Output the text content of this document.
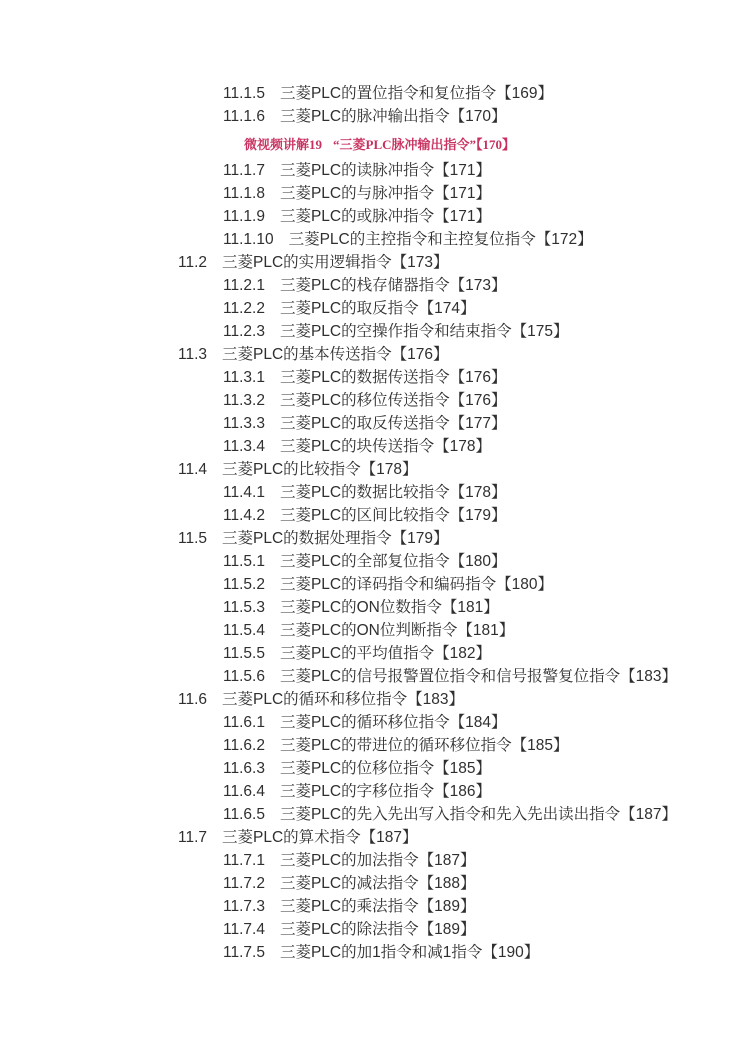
11.1.5 三菱PLC的置位指令和复位指令【169】
11.1.6 三菱PLC的脉冲输出指令【170】
微视频讲解19 “三菱PLC脉冲输出指令”【170】
11.1.7 三菱PLC的读脉冲指令【171】
11.1.8 三菱PLC的与脉冲指令【171】
11.1.9 三菱PLC的或脉冲指令【171】
11.1.10 三菱PLC的主控指令和主控复位指令【172】
11.2 三菱PLC的实用逻辑指令【173】
11.2.1 三菱PLC的栈存储器指令【173】
11.2.2 三菱PLC的取反指令【174】
11.2.3 三菱PLC的空操作指令和结束指令【175】
11.3 三菱PLC的基本传送指令【176】
11.3.1 三菱PLC的数据传送指令【176】
11.3.2 三菱PLC的移位传送指令【176】
11.3.3 三菱PLC的取反传送指令【177】
11.3.4 三菱PLC的块传送指令【178】
11.4 三菱PLC的比较指令【178】
11.4.1 三菱PLC的数据比较指令【178】
11.4.2 三菱PLC的区间比较指令【179】
11.5 三菱PLC的数据处理指令【179】
11.5.1 三菱PLC的全部复位指令【180】
11.5.2 三菱PLC的译码指令和编码指令【180】
11.5.3 三菱PLC的ON位数指令【181】
11.5.4 三菱PLC的ON位判断指令【181】
11.5.5 三菱PLC的平均值指令【182】
11.5.6 三菱PLC的信号报警置位指令和信号报警复位指令【183】
11.6 三菱PLC的循环和移位指令【183】
11.6.1 三菱PLC的循环移位指令【184】
11.6.2 三菱PLC的带进位的循环移位指令【185】
11.6.3 三菱PLC的位移位指令【185】
11.6.4 三菱PLC的字移位指令【186】
11.6.5 三菱PLC的先入先出写入指令和先入先出读出指令【187】
11.7 三菱PLC的算术指令【187】
11.7.1 三菱PLC的加法指令【187】
11.7.2 三菱PLC的减法指令【188】
11.7.3 三菱PLC的乘法指令【189】
11.7.4 三菱PLC的除法指令【189】
11.7.5 三菱PLC的加1指令和减1指令【190】
